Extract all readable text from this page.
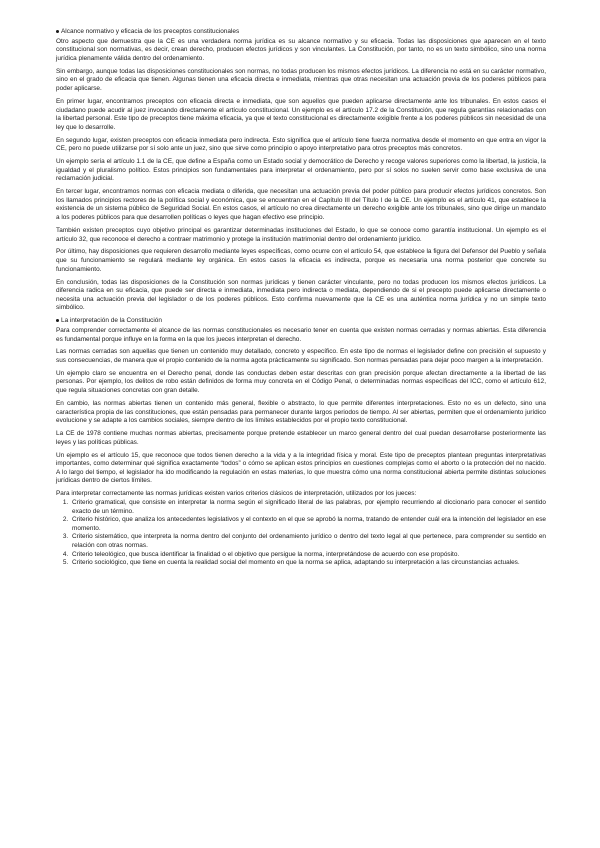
Alcance normativo y eficacia de los preceptos constitucionales

Otro aspecto que demuestra que la CE es una verdadera norma jurídica es su alcance normativo y su eficacia. Todas las disposiciones que aparecen en el texto constitucional son normativas, es decir, crean derecho, producen efectos jurídicos y son vinculantes. La Constitución, por tanto, no es un texto simbólico, sino una norma jurídica plenamente válida dentro del ordenamiento.

Sin embargo, aunque todas las disposiciones constitucionales son normas, no todas producen los mismos efectos jurídicos. La diferencia no está en su carácter normativo, sino en el grado de eficacia que tienen. Algunas tienen una eficacia directa e inmediata, mientras que otras necesitan una actuación previa de los poderes públicos para poder aplicarse.

En primer lugar, encontramos preceptos con eficacia directa e inmediata, que son aquellos que pueden aplicarse directamente ante los tribunales. En estos casos el ciudadano puede acudir al juez invocando directamente el artículo constitucional. Un ejemplo es el artículo 17.2 de la Constitución, que regula garantías relacionadas con la libertad personal. Este tipo de preceptos tiene máxima eficacia, ya que el texto constitucional es directamente exigible frente a los poderes públicos sin necesidad de una ley que lo desarrolle.

En segundo lugar, existen preceptos con eficacia inmediata pero indirecta. Esto significa que el artículo tiene fuerza normativa desde el momento en que entra en vigor la CE, pero no puede utilizarse por sí solo ante un juez, sino que sirve como principio o apoyo interpretativo para otros preceptos más concretos.

Un ejemplo sería el artículo 1.1 de la CE, que define a España como un Estado social y democrático de Derecho y recoge valores superiores como la libertad, la justicia, la igualdad y el pluralismo político. Estos principios son fundamentales para interpretar el ordenamiento, pero por sí solos no suelen servir como base exclusiva de una reclamación judicial.

En tercer lugar, encontramos normas con eficacia mediata o diferida, que necesitan una actuación previa del poder público para producir efectos jurídicos concretos. Son los llamados principios rectores de la política social y económica, que se encuentran en el Capítulo III del Título I de la CE. Un ejemplo es el artículo 41, que establece la existencia de un sistema público de Seguridad Social. En estos casos, el artículo no crea directamente un derecho exigible ante los tribunales, sino que dirige un mandato a los poderes públicos para que desarrollen políticas o leyes que hagan efectivo ese principio.

También existen preceptos cuyo objetivo principal es garantizar determinadas instituciones del Estado, lo que se conoce como garantía institucional. Un ejemplo es el artículo 32, que reconoce el derecho a contraer matrimonio y protege la institución matrimonial dentro del ordenamiento jurídico.

Por último, hay disposiciones que requieren desarrollo mediante leyes específicas, como ocurre con el artículo 54, que establece la figura del Defensor del Pueblo y señala que su funcionamiento se regulará mediante ley orgánica. En estos casos la eficacia es indirecta, porque es necesaria una norma posterior que concrete su funcionamiento.

En conclusión, todas las disposiciones de la Constitución son normas jurídicas y tienen carácter vinculante, pero no todas producen los mismos efectos jurídicos. La diferencia radica en su eficacia, que puede ser directa e inmediata, inmediata pero indirecta o mediata, dependiendo de si el precepto puede aplicarse directamente o necesita una actuación previa del legislador o de los poderes públicos. Esto confirma nuevamente que la CE es una auténtica norma jurídica y no un simple texto simbólico.

La interpretación de la Constitución

Para comprender correctamente el alcance de las normas constitucionales es necesario tener en cuenta que existen normas cerradas y normas abiertas. Esta diferencia es fundamental porque influye en la forma en la que los jueces interpretan el derecho.

Las normas cerradas son aquellas que tienen un contenido muy detallado, concreto y específico. En este tipo de normas el legislador define con precisión el supuesto y sus consecuencias, de manera que el propio contenido de la norma agota prácticamente su significado. Son normas pensadas para dejar poco margen a la interpretación.

Un ejemplo claro se encuentra en el Derecho penal, donde las conductas deben estar descritas con gran precisión porque afectan directamente a la libertad de las personas. Por ejemplo, los delitos de robo están definidos de forma muy concreta en el Código Penal, o determinadas normas específicas del ICC, como el artículo 612, que regula situaciones concretas con gran detalle.

En cambio, las normas abiertas tienen un contenido más general, flexible o abstracto, lo que permite diferentes interpretaciones. Esto no es un defecto, sino una característica propia de las constituciones, que están pensadas para permanecer durante largos periodos de tiempo. Al ser abiertas, permiten que el ordenamiento jurídico evolucione y se adapte a los cambios sociales, siempre dentro de los límites establecidos por el propio texto constitucional.

La CE de 1978 contiene muchas normas abiertas, precisamente porque pretende establecer un marco general dentro del cual puedan desarrollarse posteriormente las leyes y las políticas públicas.

Un ejemplo es el artículo 15, que reconoce que todos tienen derecho a la vida y a la integridad física y moral. Este tipo de preceptos plantean preguntas interpretativas importantes, como determinar qué significa exactamente “todos” o cómo se aplican estos principios en cuestiones complejas como el aborto o la protección del no nacido. A lo largo del tiempo, el legislador ha ido modificando la regulación en estas materias, lo que muestra cómo una norma constitucional abierta permite distintas soluciones jurídicas dentro de ciertos límites.

Para interpretar correctamente las normas jurídicas existen varios criterios clásicos de interpretación, utilizados por los jueces:
1. Criterio gramatical, que consiste en interpretar la norma según el significado literal de las palabras, por ejemplo recurriendo al diccionario para conocer el sentido exacto de un término.
2. Criterio histórico, que analiza los antecedentes legislativos y el contexto en el que se aprobó la norma, tratando de entender cuál era la intención del legislador en ese momento.
3. Criterio sistemático, que interpreta la norma dentro del conjunto del ordenamiento jurídico o dentro del texto legal al que pertenece, para comprender su sentido en relación con otras normas.
4. Criterio teleológico, que busca identificar la finalidad o el objetivo que persigue la norma, interpretándose de acuerdo con ese propósito.
5. Criterio sociológico, que tiene en cuenta la realidad social del momento en que la norma se aplica, adaptando su interpretación a las circunstancias actuales.
